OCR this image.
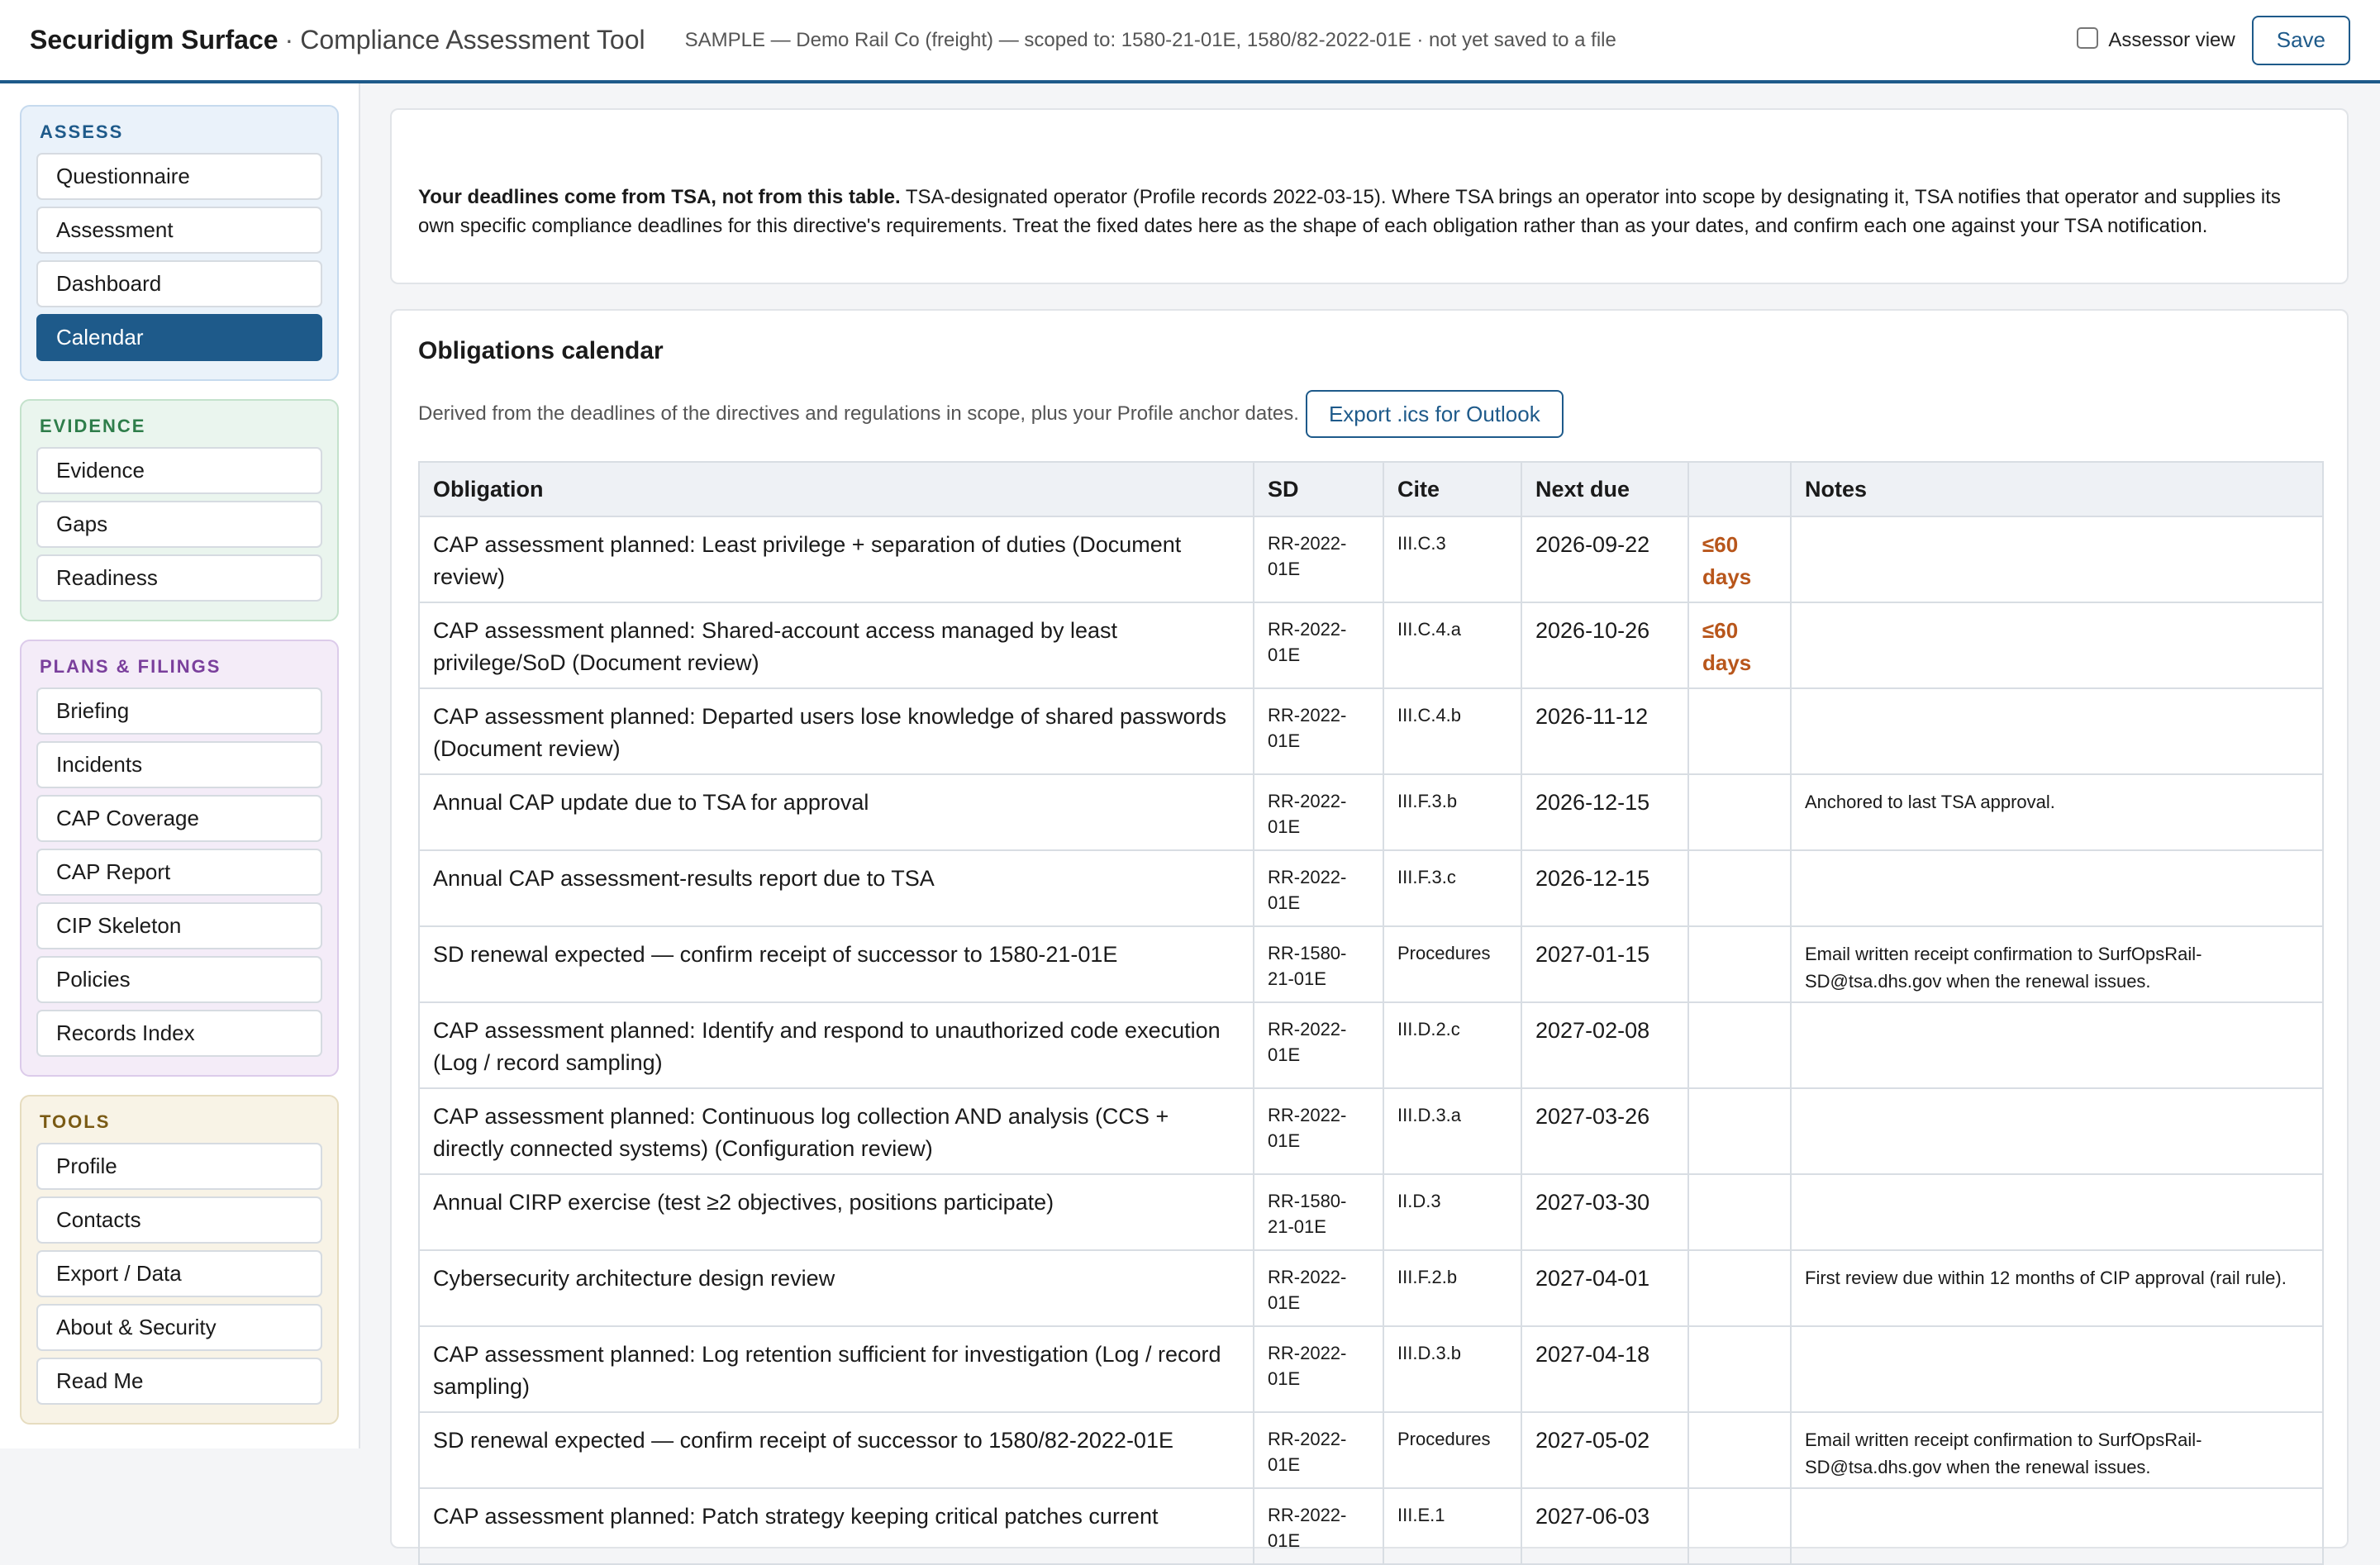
Securidigm Surface · Compliance Assessment Tool SAMPLE — Demo Rail Co (freight) — scoped to: 1580-21-01E, 1580/82-2022-01E · not yet saved to a file	Assessor view	Save
ASSESS
Questionnaire
Assessment
Dashboard
Calendar
EVIDENCE
Evidence
Gaps
Readiness
PLANS & FILINGS
Briefing
Incidents
CAP Coverage
CAP Report
CIP Skeleton
Policies
Records Index
TOOLS
Profile
Contacts
Export / Data
About & Security
Read Me
Your deadlines come from TSA, not from this table. TSA-designated operator (Profile records 2022-03-15). Where TSA brings an operator into scope by designating it, TSA notifies that operator and supplies its own specific compliance deadlines for this directive's requirements. Treat the fixed dates here as the shape of each obligation rather than as your dates, and confirm each one against your TSA notification.
Obligations calendar
Derived from the deadlines of the directives and regulations in scope, plus your Profile anchor dates.	Export .ics for Outlook
Obligation	SD	Cite	Next due		Notes
CAP assessment planned: Least privilege + separation of duties (Document review)	RR-2022-01E	III.C.3	2026-09-22	≤60 days	
CAP assessment planned: Shared-account access managed by least privilege/SoD (Document review)	RR-2022-01E	III.C.4.a	2026-10-26	≤60 days	
CAP assessment planned: Departed users lose knowledge of shared passwords (Document review)	RR-2022-01E	III.C.4.b	2026-11-12		
Annual CAP update due to TSA for approval	RR-2022-01E	III.F.3.b	2026-12-15		Anchored to last TSA approval.
Annual CAP assessment-results report due to TSA	RR-2022-01E	III.F.3.c	2026-12-15		
SD renewal expected — confirm receipt of successor to 1580-21-01E	RR-1580-21-01E	Procedures	2027-01-15		Email written receipt confirmation to SurfOpsRail-SD@tsa.dhs.gov when the renewal issues.
CAP assessment planned: Identify and respond to unauthorized code execution (Log / record sampling)	RR-2022-01E	III.D.2.c	2027-02-08		
CAP assessment planned: Continuous log collection AND analysis (CCS + directly connected systems) (Configuration review)	RR-2022-01E	III.D.3.a	2027-03-26		
Annual CIRP exercise (test ≥2 objectives, positions participate)	RR-1580-21-01E	II.D.3	2027-03-30		
Cybersecurity architecture design review	RR-2022-01E	III.F.2.b	2027-04-01		First review due within 12 months of CIP approval (rail rule).
CAP assessment planned: Log retention sufficient for investigation (Log / record sampling)	RR-2022-01E	III.D.3.b	2027-04-18		
SD renewal expected — confirm receipt of successor to 1580/82-2022-01E	RR-2022-01E	Procedures	2027-05-02		Email written receipt confirmation to SurfOpsRail-SD@tsa.dhs.gov when the renewal issues.
CAP assessment planned: Patch strategy keeping critical patches current	RR-2022-01E	III.E.1	2027-06-03		
